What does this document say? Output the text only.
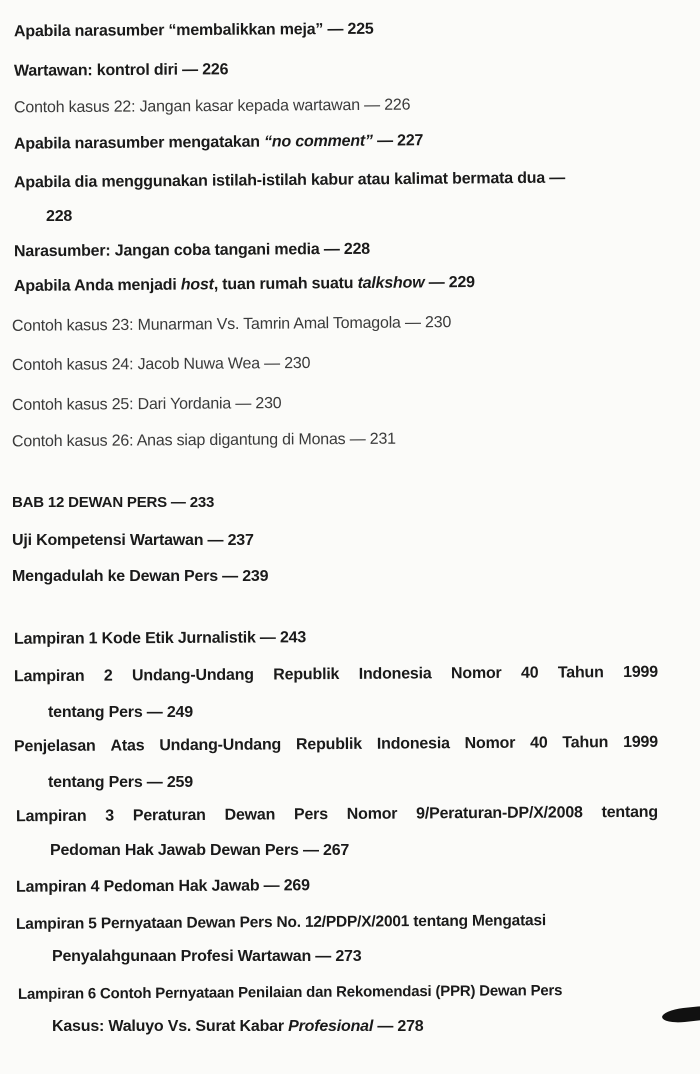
Apabila narasumber “membalikkan meja” — 225
Wartawan: kontrol diri — 226
Contoh kasus 22: Jangan kasar kepada wartawan — 226
Apabila narasumber mengatakan “no comment” — 227
Apabila dia menggunakan istilah-istilah kabur atau kalimat bermata dua —
228
Narasumber: Jangan coba tangani media — 228
Apabila Anda menjadi host, tuan rumah suatu talkshow — 229
Contoh kasus 23: Munarman Vs. Tamrin Amal Tomagola — 230
Contoh kasus 24: Jacob Nuwa Wea — 230
Contoh kasus 25: Dari Yordania — 230
Contoh kasus 26: Anas siap digantung di Monas — 231
BAB 12 DEWAN PERS — 233
Uji Kompetensi Wartawan — 237
Mengadulah ke Dewan Pers — 239
Lampiran 1 Kode Etik Jurnalistik — 243
Lampiran 2 Undang-Undang Republik Indonesia Nomor 40 Tahun 1999
tentang Pers — 249
Penjelasan Atas Undang-Undang Republik Indonesia Nomor 40 Tahun 1999
tentang Pers — 259
Lampiran 3 Peraturan Dewan Pers Nomor 9/Peraturan-DP/X/2008 tentang
Pedoman Hak Jawab Dewan Pers — 267
Lampiran 4 Pedoman Hak Jawab — 269
Lampiran 5 Pernyataan Dewan Pers No. 12/PDP/X/2001 tentang Mengatasi
Penyalahgunaan Profesi Wartawan — 273
Lampiran 6 Contoh Pernyataan Penilaian dan Rekomendasi (PPR) Dewan Pers
Kasus: Waluyo Vs. Surat Kabar Profesional — 278
